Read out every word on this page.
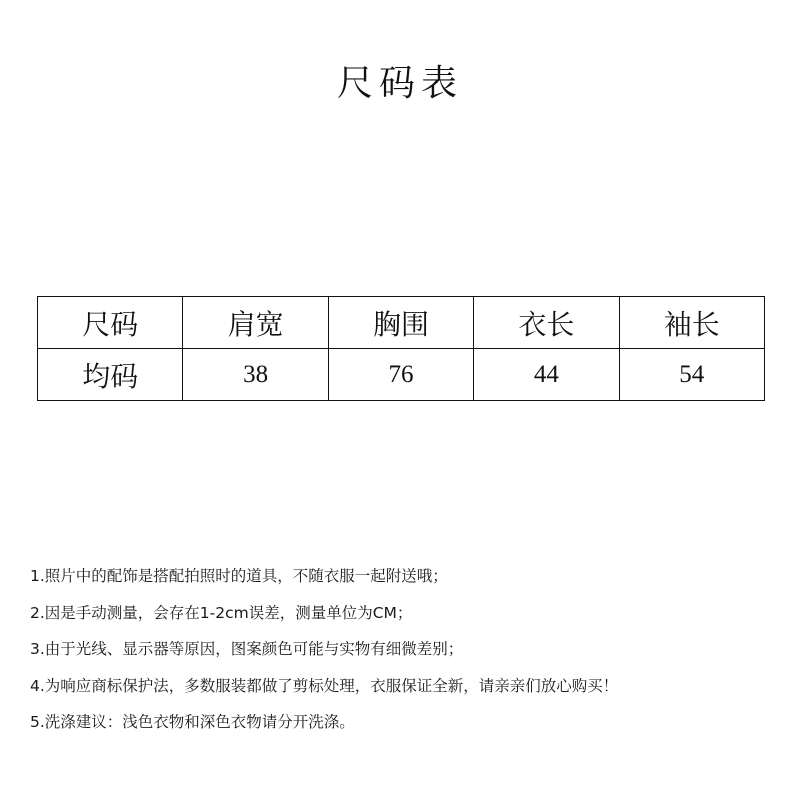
尺码表
尺码	肩宽	胸围	衣长	袖长
均码	38	76	44	54
1.照片中的配饰是搭配拍照时的道具，不随衣服一起附送哦；
2.因是手动测量，会存在1-2cm误差，测量单位为CM；
3.由于光线、显示器等原因，图案颜色可能与实物有细微差别；
4.为响应商标保护法，多数服装都做了剪标处理，衣服保证全新，请亲亲们放心购买！
5.洗涤建议：浅色衣物和深色衣物请分开洗涤。
